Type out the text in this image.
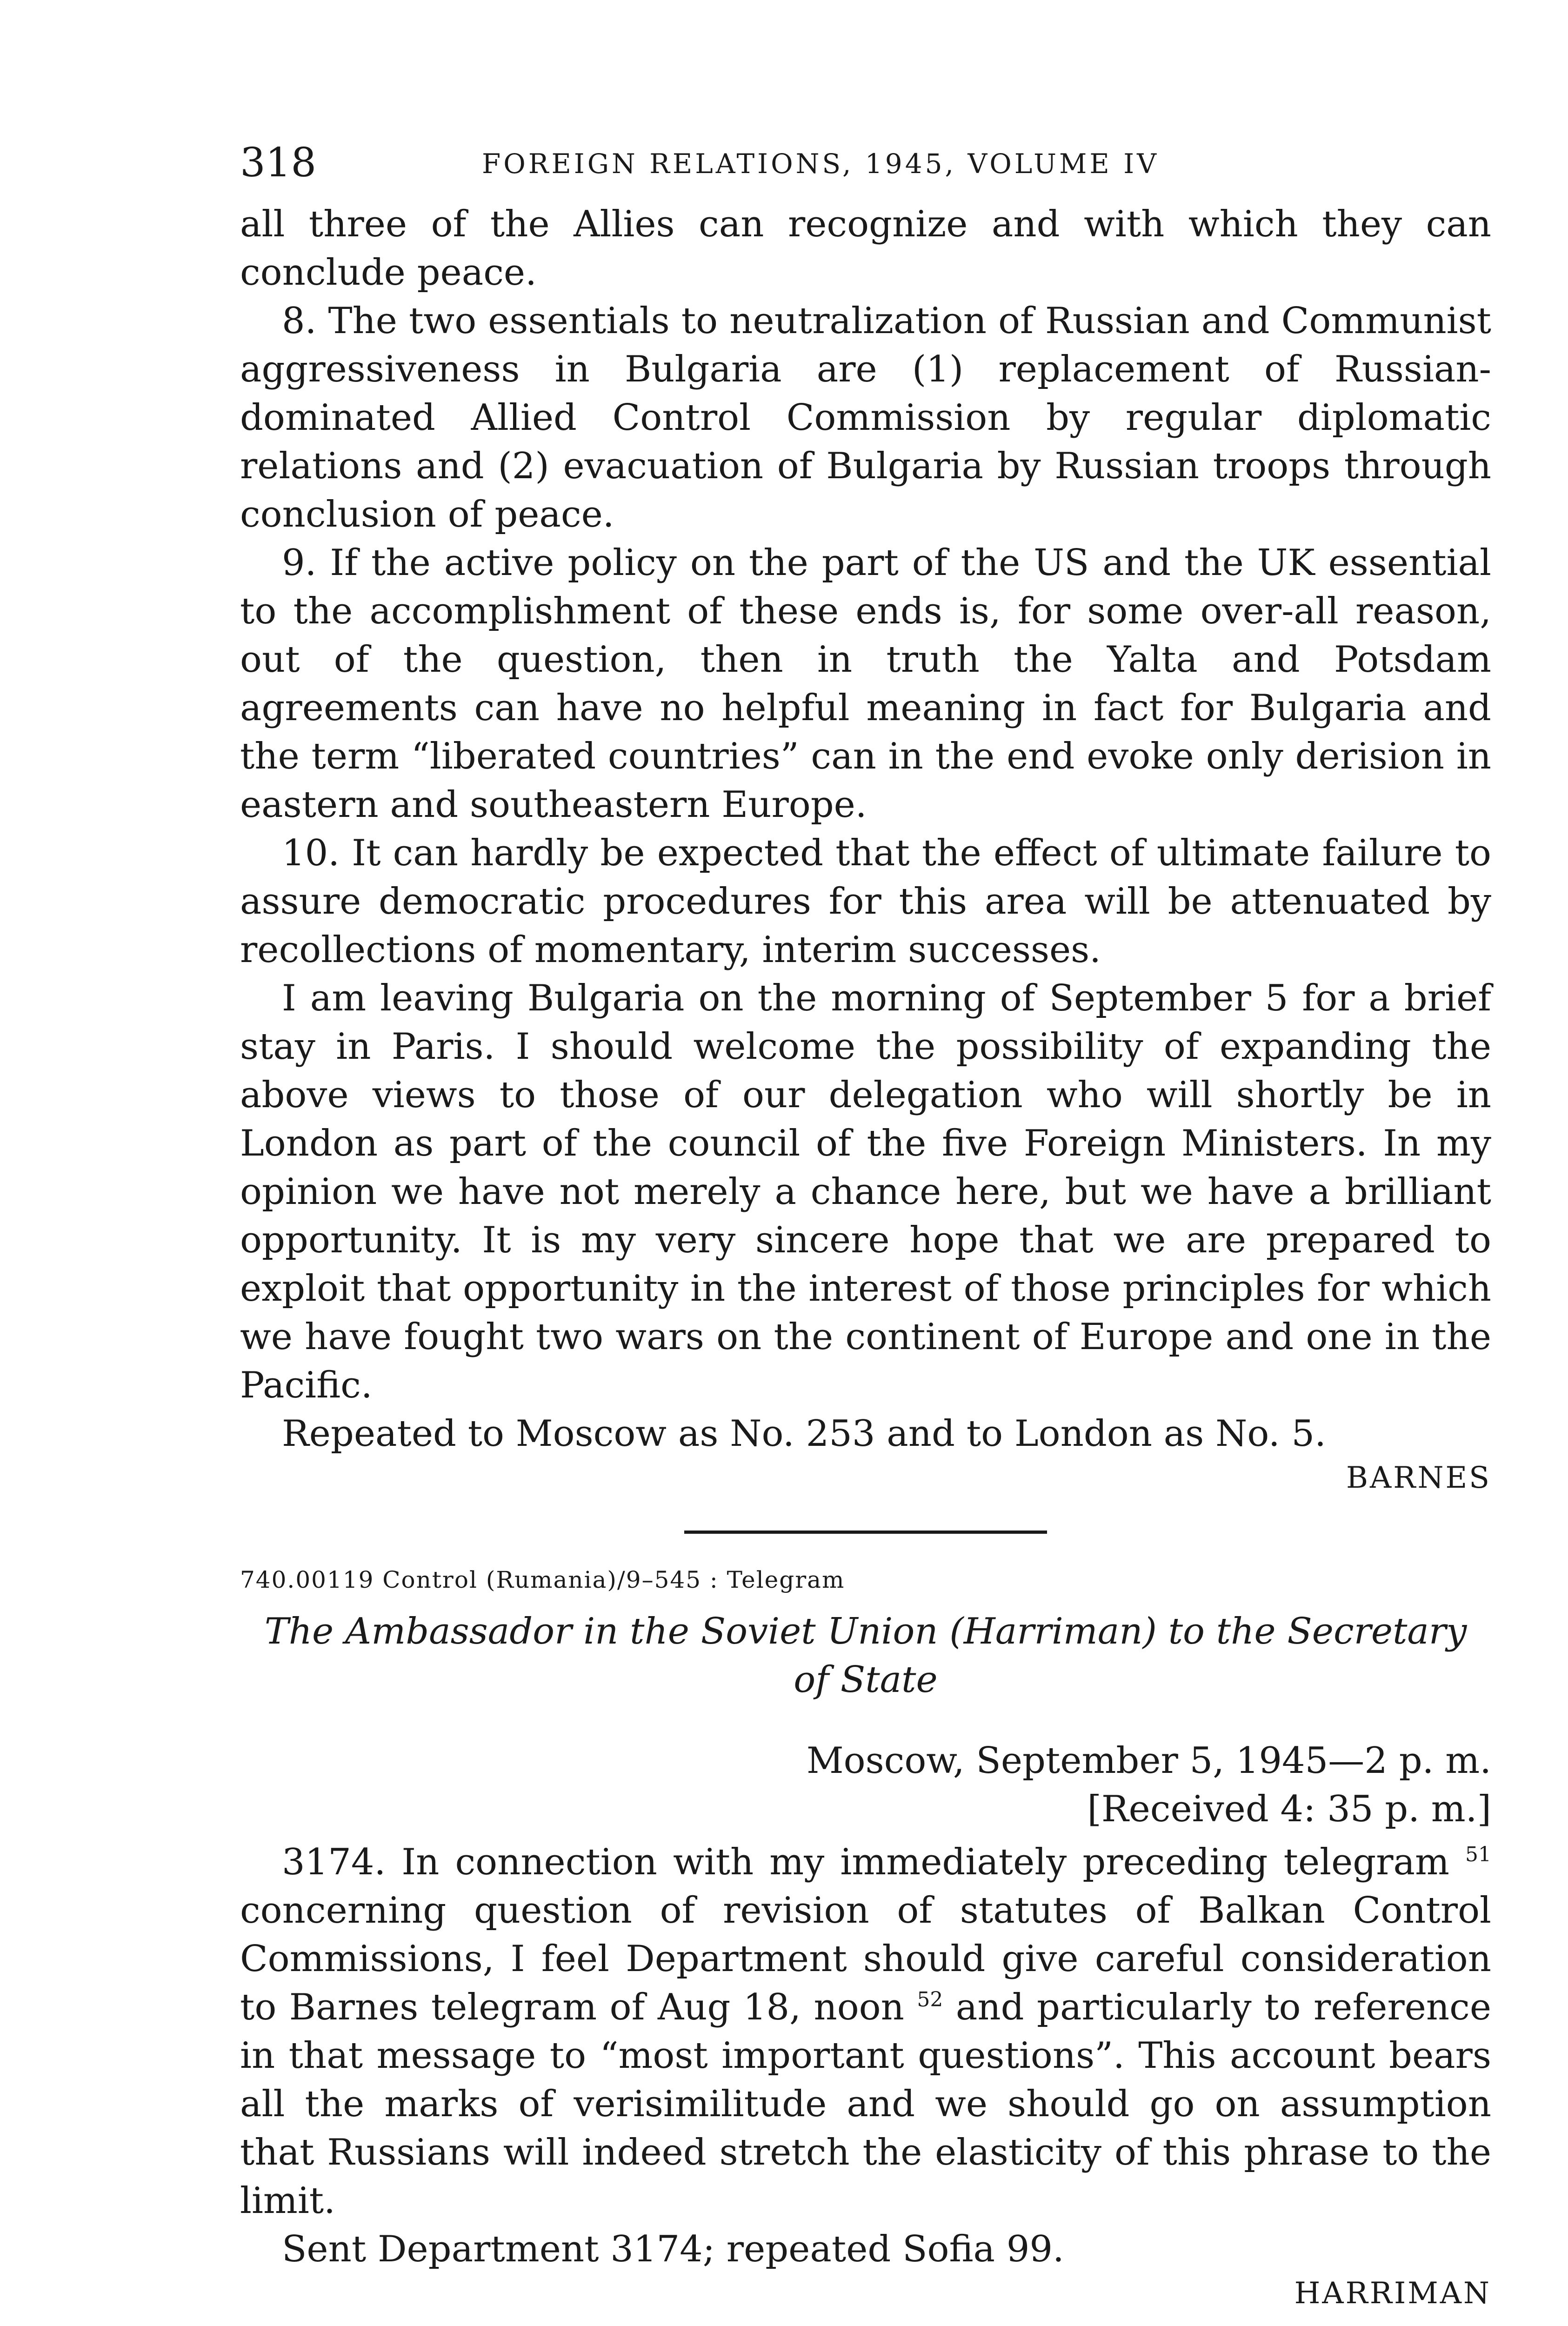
318	FOREIGN RELATIONS, 1945, VOLUME IV

all three of the Allies can recognize and with which they can conclude peace.

8. The two essentials to neutralization of Russian and Communist aggressiveness in Bulgaria are (1) replacement of Russian-dominated Allied Control Commission by regular diplomatic relations and (2) evacuation of Bulgaria by Russian troops through conclusion of peace.

9. If the active policy on the part of the US and the UK essential to the accomplishment of these ends is, for some over-all reason, out of the question, then in truth the Yalta and Potsdam agreements can have no helpful meaning in fact for Bulgaria and the term “liberated countries” can in the end evoke only derision in eastern and southeastern Europe.

10. It can hardly be expected that the effect of ultimate failure to assure democratic procedures for this area will be attenuated by recollections of momentary, interim successes.

I am leaving Bulgaria on the morning of September 5 for a brief stay in Paris. I should welcome the possibility of expanding the above views to those of our delegation who will shortly be in London as part of the council of the five Foreign Ministers. In my opinion we have not merely a chance here, but we have a brilliant opportunity. It is my very sincere hope that we are prepared to exploit that opportunity in the interest of those principles for which we have fought two wars on the continent of Europe and one in the Pacific.

Repeated to Moscow as No. 253 and to London as No. 5.

BARNES
740.00119 Control (Rumania)/9–545 : Telegram
The Ambassador in the Soviet Union (Harriman) to the Secretary
of State

Moscow, September 5, 1945—2 p. m.

[Received 4: 35 p. m.]

3174. In connection with my immediately preceding telegram $^{51}$ concerning question of revision of statutes of Balkan Control Commissions, I feel Department should give careful consideration to Barnes telegram of Aug 18, noon $^{52}$ and particularly to reference in that message to “most important questions”. This account bears all the marks of verisimilitude and we should go on assumption that Russians will indeed stretch the elasticity of this phrase to the limit.

Sent Department 3174; repeated Sofia 99.

HARRIMAN
